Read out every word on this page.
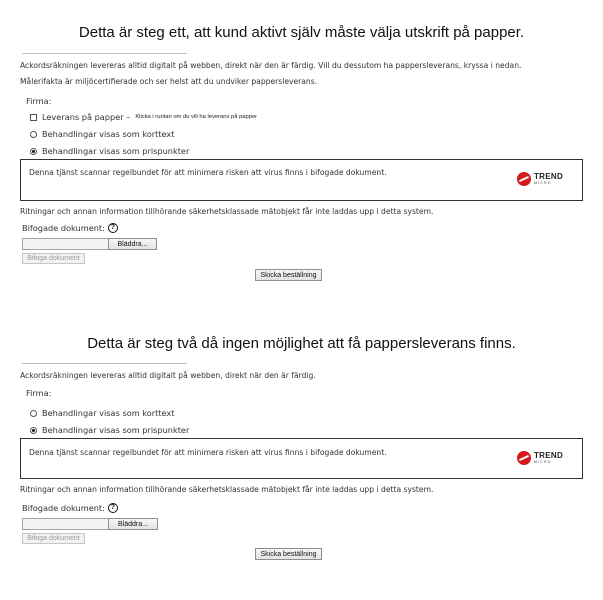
Detta är steg ett, att kund aktivt själv måste välja utskrift på papper.
Ackordsräkningen levereras alltid digitalt på webben, direkt när den är färdig. Vill du dessutom ha pappersleverans, kryssa i nedan.
Målerifakta är miljöcertifierade och ser helst att du undviker pappersleverans.
Firma:
Leverans på papper – Klicka i runtan om du vill ha leverans på papper
Behandlingar visas som korttext
Behandlingar visas som prispunkter
Denna tjänst scannar regelbundet för att minimera risken att virus finns i bifogade dokument.	TREND
MICRO
Ritningar och annan information tillhörande säkerhetsklassade mätobjekt får inte laddas upp i detta system.
Bifogade dokument: ?
Bläddra...
Bifoga dokument
Skicka beställning
Detta är steg två då ingen möjlighet att få pappersleverans finns.
Ackordsräkningen levereras alltid digitalt på webben, direkt när den är färdig.
Firma:
Behandlingar visas som korttext
Behandlingar visas som prispunkter
Denna tjänst scannar regelbundet för att minimera risken att virus finns i bifogade dokument.	TREND
MICRO
Ritningar och annan information tillhörande säkerhetsklassade mätobjekt får inte laddas upp i detta system.
Bifogade dokument: ?
Bläddra...
Bifoga dokument
Skicka beställning
